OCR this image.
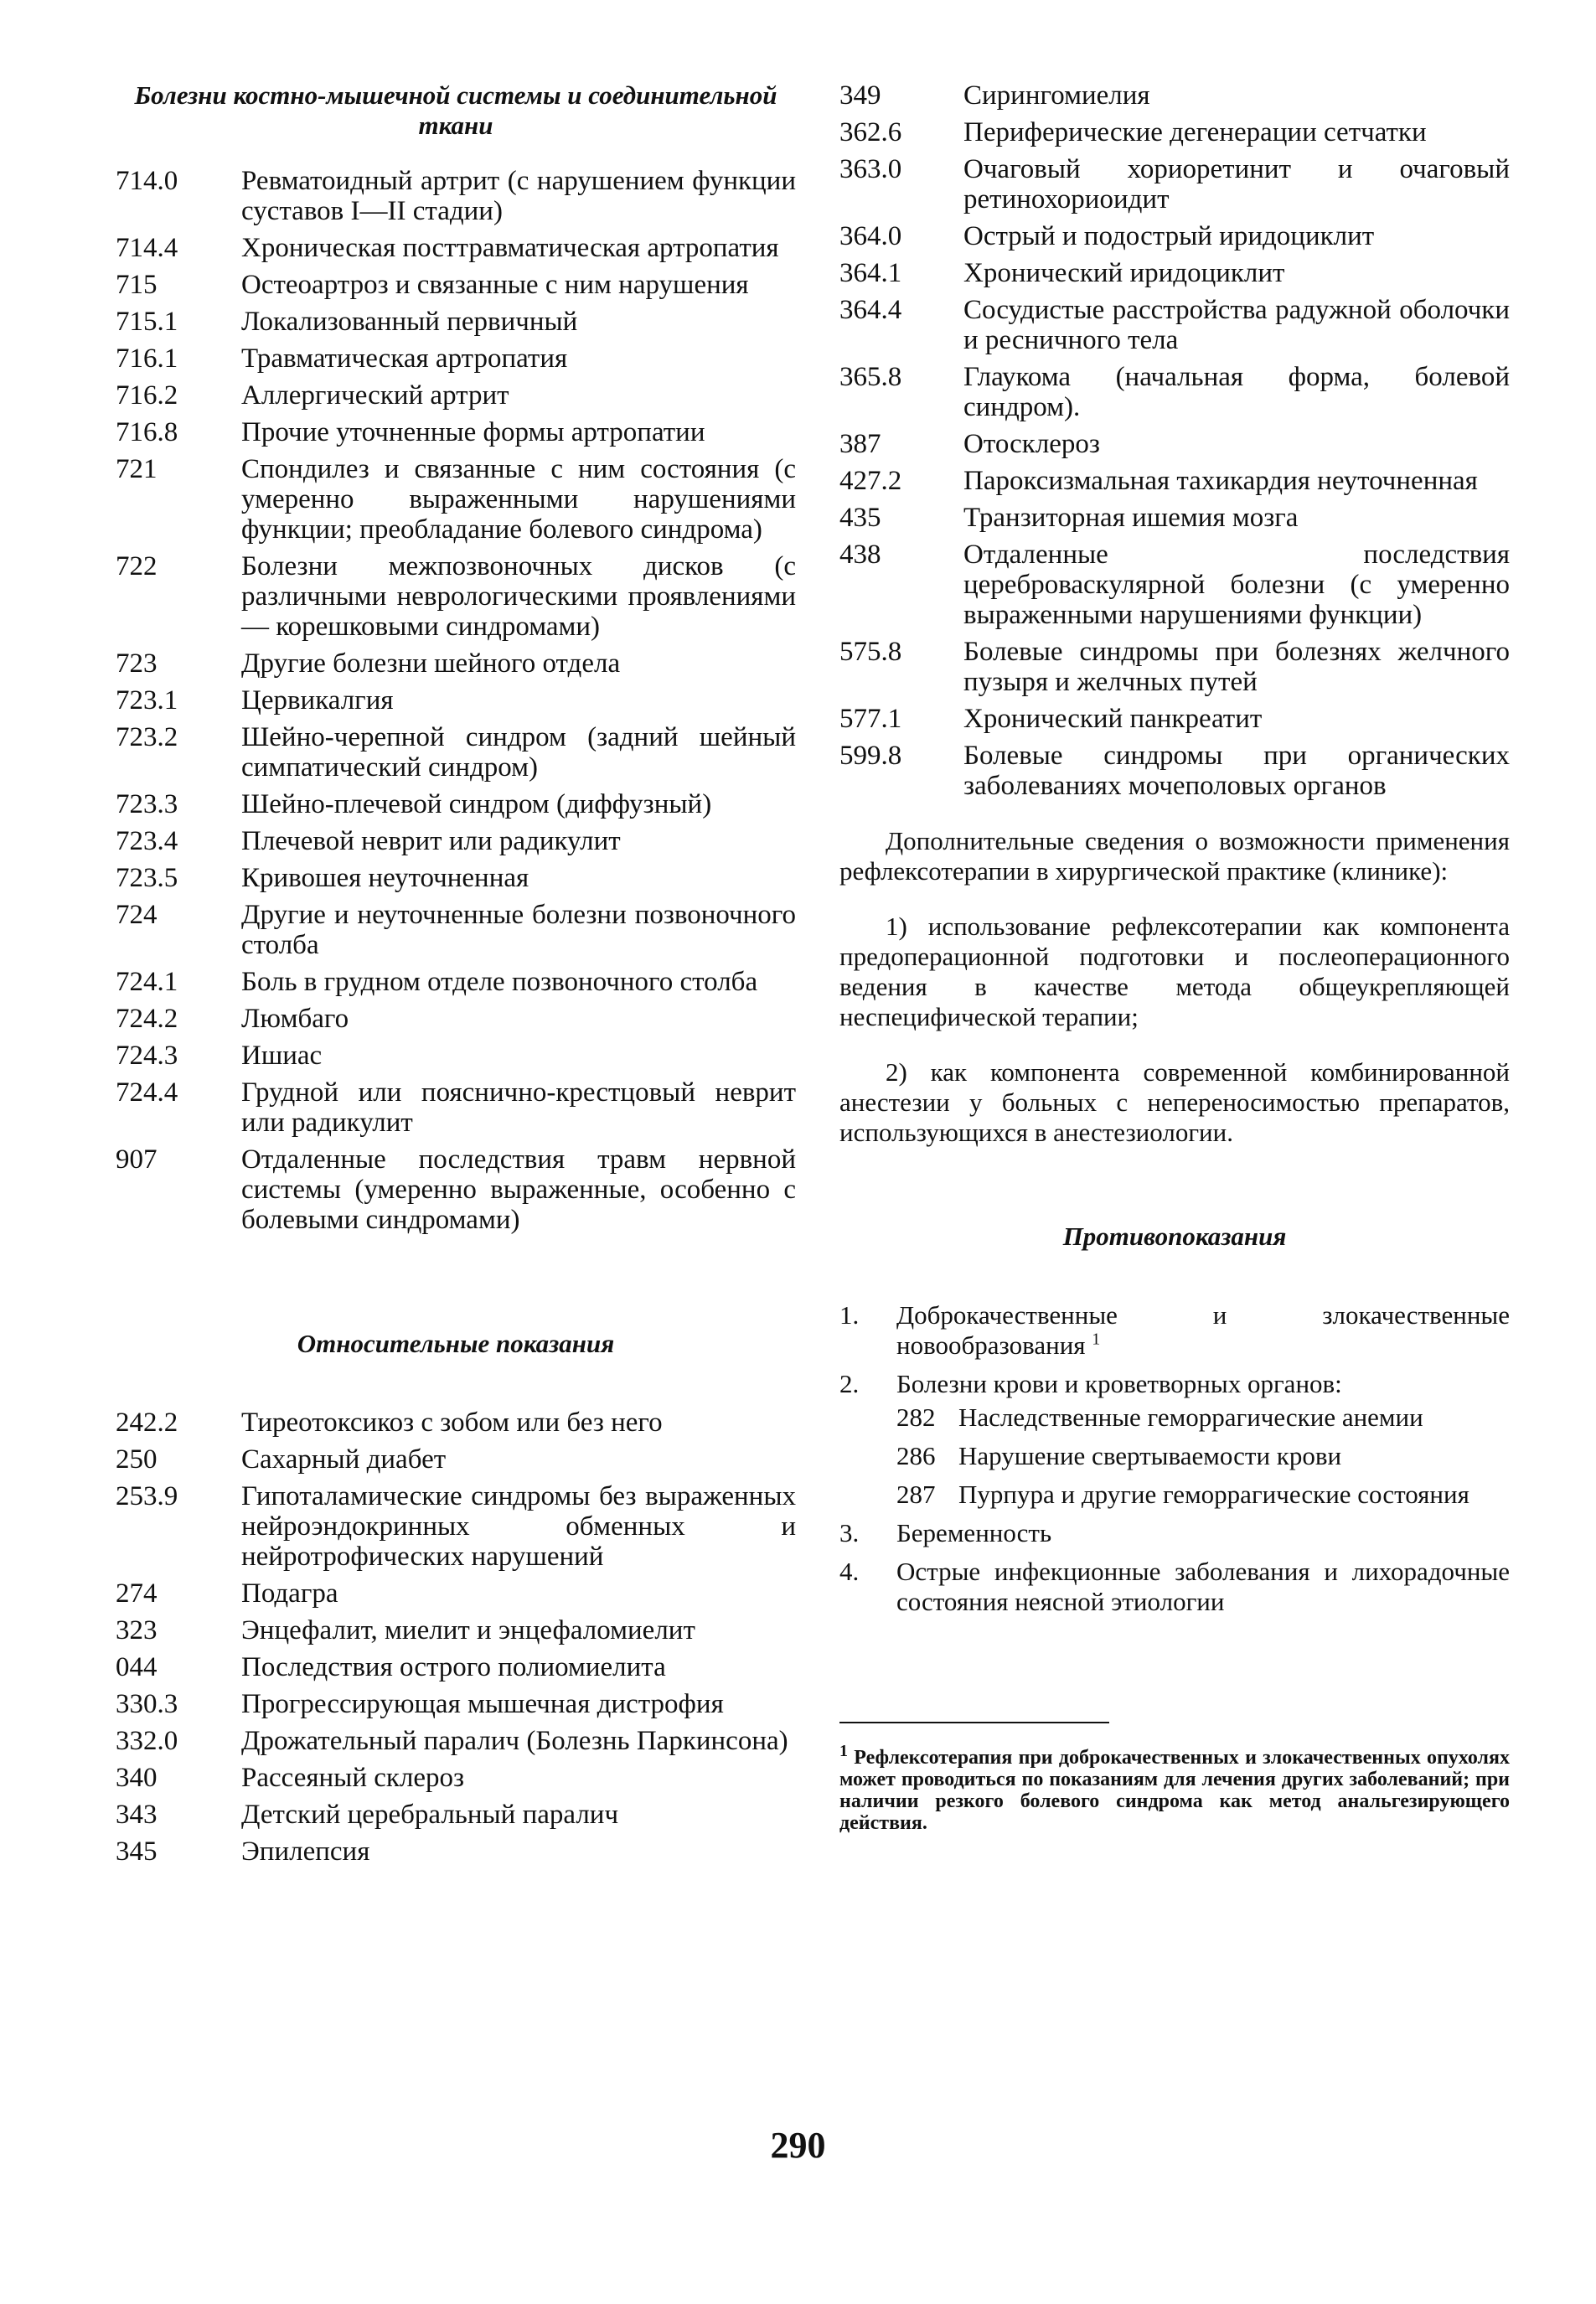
Болезни костно-мышечной системы и соединительной ткани
714.0	Ревматоидный артрит (с нарушением функции суставов I—II стадии)
714.4	Хроническая посттравматическая артропатия
715	Остеоартроз и связанные с ним нарушения
715.1	Локализованный первичный
716.1	Травматическая артропатия
716.2	Аллергический артрит
716.8	Прочие уточненные формы артропатии
721	Спондилез и связанные с ним состояния (с умеренно выраженными нарушениями функции; преобладание болевого синдрома)
722	Болезни межпозвоночных дисков (с различными неврологическими проявлениями — корешковыми синдромами)
723	Другие болезни шейного отдела
723.1	Цервикалгия
723.2	Шейно-черепной синдром (задний шейный симпатический синдром)
723.3	Шейно-плечевой синдром (диффузный)
723.4	Плечевой неврит или радикулит
723.5	Кривошея неуточненная
724	Другие и неуточненные болезни позвоночного столба
724.1	Боль в грудном отделе позвоночного столба
724.2	Люмбаго
724.3	Ишиас
724.4	Грудной или пояснично-крестцовый неврит или радикулит
907	Отдаленные последствия травм нервной системы (умеренно выраженные, особенно с болевыми синдромами)
Относительные показания
242.2	Тиреотоксикоз с зобом или без него
250	Сахарный диабет
253.9	Гипоталамические синдромы без выраженных нейроэндокринных обменных и нейротрофических нарушений
274	Подагра
323	Энцефалит, миелит и энцефаломиелит
044	Последствия острого полиомиелита
330.3	Прогрессирующая мышечная дистрофия
332.0	Дрожательный паралич (Болезнь Паркинсона)
340	Рассеяный склероз
343	Детский церебральный паралич
345	Эпилепсия
349	Сирингомиелия
362.6	Периферические дегенерации сетчатки
363.0	Очаговый хориоретинит и очаговый ретинохориоидит
364.0	Острый и подострый иридоциклит
364.1	Хронический иридоциклит
364.4	Сосудистые расстройства радужной оболочки и ресничного тела
365.8	Глаукома (начальная форма, болевой синдром).
387	Отосклероз
427.2	Пароксизмальная тахикардия неуточненная
435	Транзиторная ишемия мозга
438	Отдаленные последствия цереброваскулярной болезни (с умеренно выраженными нарушениями функции)
575.8	Болевые синдромы при болезнях желчного пузыря и желчных путей
577.1	Хронический панкреатит
599.8	Болевые синдромы при органических заболеваниях мочеполовых органов

Дополнительные сведения о возможности применения рефлексотерапии в хирургической практике (клинике):

1) использование рефлексотерапии как компонента предоперационной подготовки и послеоперационного ведения в качестве метода общеукрепляющей неспецифической терапии;

2) как компонента современной комбинированной анестезии у больных с непереносимостью препаратов, использующихся в анестезиологии.

Противопоказания
1.	Доброкачественные и злокачественные новообразования $^1$
2.	Болезни крови и кроветворных органов:
282 Наследственные геморрагические анемии
286 Нарушение свертываемости крови
287 Пурпура и другие геморрагические состояния
3.	Беременность
4.	Острые инфекционные заболевания и лихорадочные состояния неясной этиологии
$^1$ Рефлексотерапия при доброкачественных и злокачественных опухолях может проводиться по показаниям для лечения других заболеваний; при наличии резкого болевого синдрома как метод анальгезирующего действия.
290
